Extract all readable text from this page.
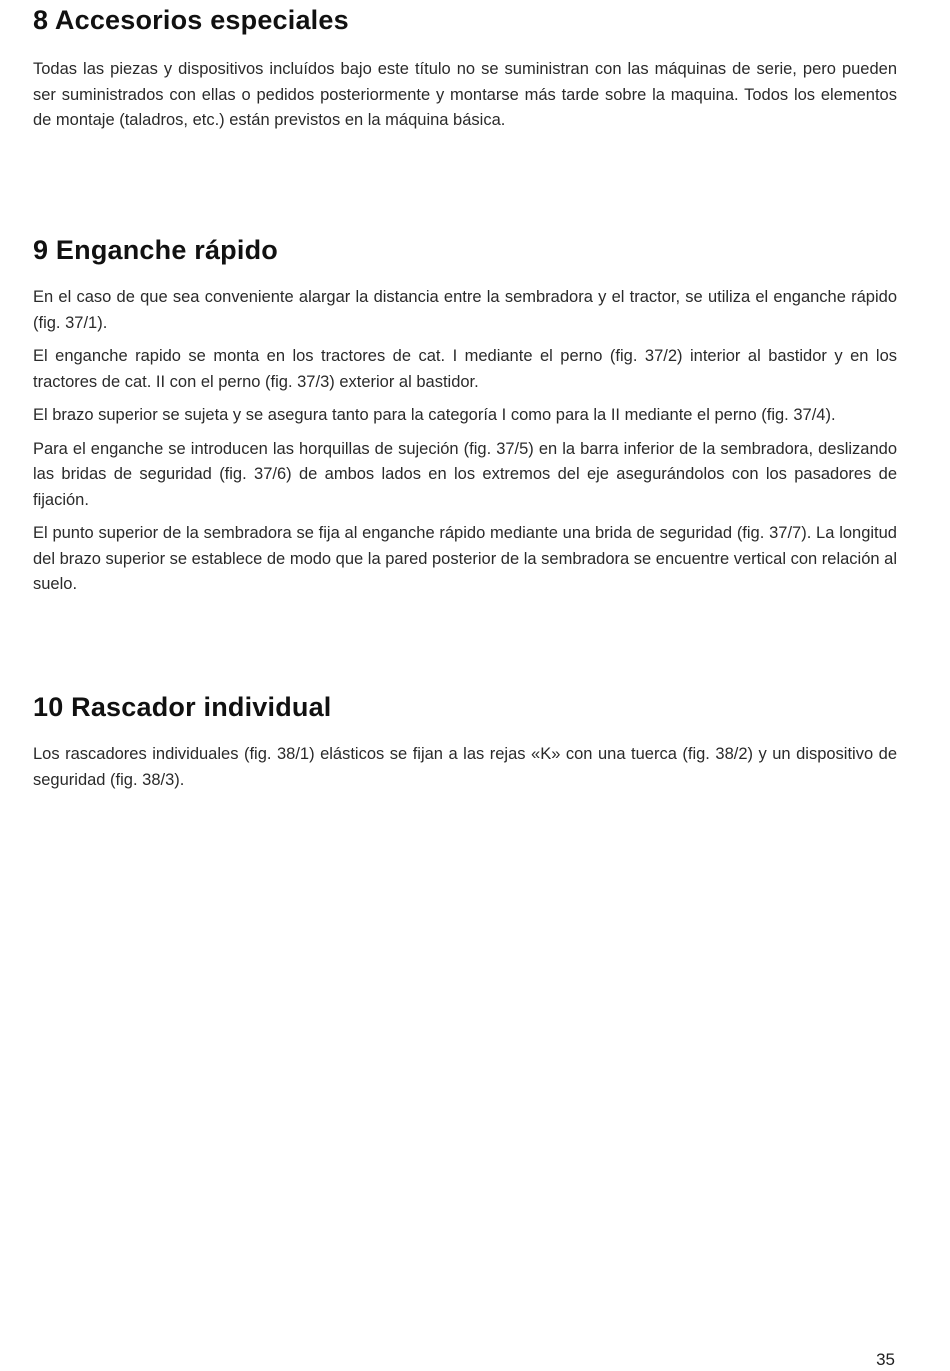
8 Accesorios especiales

Todas las piezas y dispositivos incluídos bajo este título no se suministran con las máquinas de serie, pero pueden ser suministrados con ellas o pedidos posteriormente y montarse más tarde sobre la maquina. Todos los elementos de montaje (taladros, etc.) están previstos en la máquina básica.

9 Enganche rápido

En el caso de que sea conveniente alargar la distancia entre la sembradora y el tractor, se utiliza el enganche rápido (fig. 37/1).

El enganche rapido se monta en los tractores de cat. I mediante el perno (fig. 37/2) interior al bastidor y en los tractores de cat. II con el perno (fig. 37/3) exterior al bastidor.

El brazo superior se sujeta y se asegura tanto para la categoría I como para la II mediante el perno (fig. 37/4).

Para el enganche se introducen las horquillas de sujeción (fig. 37/5) en la barra inferior de la sembradora, deslizando las bridas de seguridad (fig. 37/6) de ambos lados en los extremos del eje asegurándolos con los pasadores de fijación.

El punto superior de la sembradora se fija al enganche rápido mediante una brida de seguridad (fig. 37/7). La longitud del brazo superior se establece de modo que la pared posterior de la sembradora se encuentre vertical con relación al suelo.

10 Rascador individual

Los rascadores individuales (fig. 38/1) elásticos se fijan a las rejas «K» con una tuerca (fig. 38/2) y un dispositivo de seguridad (fig. 38/3).

35
